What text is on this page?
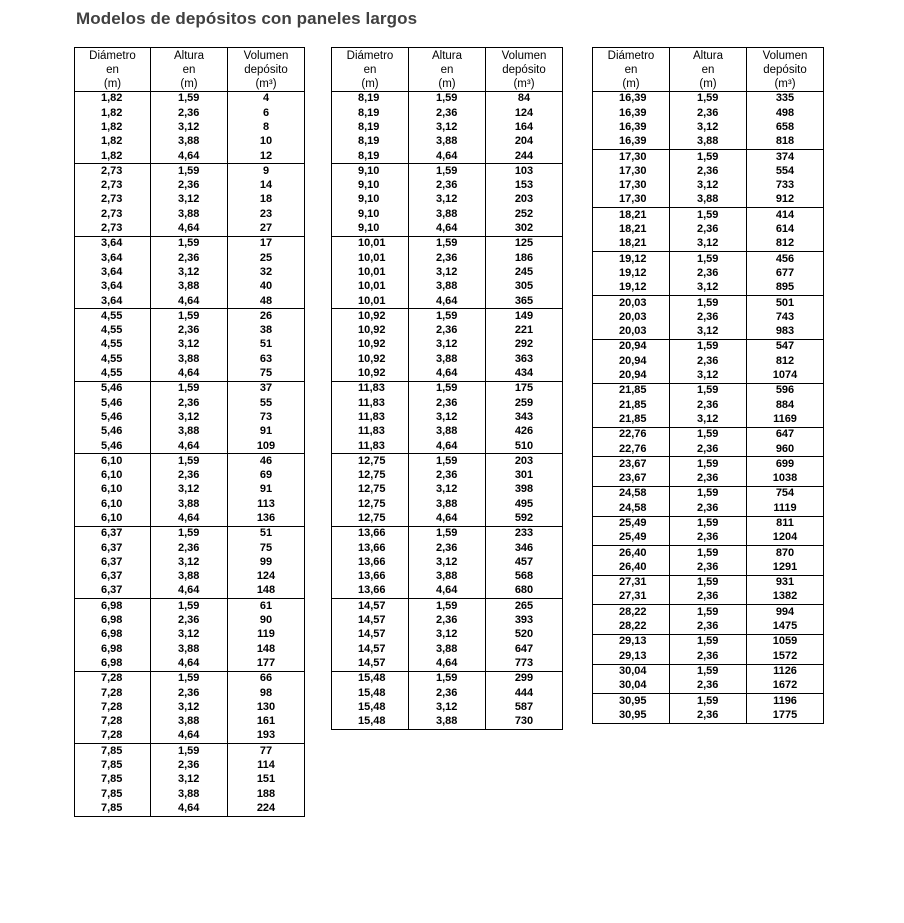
Modelos de depósitos con paneles largos
Diámetro
en
(m)	Altura
en
(m)	Volumen
depósito
(m³)
1,82	1,59	4
1,82	2,36	6
1,82	3,12	8
1,82	3,88	10
1,82	4,64	12
2,73	1,59	9
2,73	2,36	14
2,73	3,12	18
2,73	3,88	23
2,73	4,64	27
3,64	1,59	17
3,64	2,36	25
3,64	3,12	32
3,64	3,88	40
3,64	4,64	48
4,55	1,59	26
4,55	2,36	38
4,55	3,12	51
4,55	3,88	63
4,55	4,64	75
5,46	1,59	37
5,46	2,36	55
5,46	3,12	73
5,46	3,88	91
5,46	4,64	109
6,10	1,59	46
6,10	2,36	69
6,10	3,12	91
6,10	3,88	113
6,10	4,64	136
6,37	1,59	51
6,37	2,36	75
6,37	3,12	99
6,37	3,88	124
6,37	4,64	148
6,98	1,59	61
6,98	2,36	90
6,98	3,12	119
6,98	3,88	148
6,98	4,64	177
7,28	1,59	66
7,28	2,36	98
7,28	3,12	130
7,28	3,88	161
7,28	4,64	193
7,85	1,59	77
7,85	2,36	114
7,85	3,12	151
7,85	3,88	188
7,85	4,64	224
Diámetro
en
(m)	Altura
en
(m)	Volumen
depósito
(m³)
8,19	1,59	84
8,19	2,36	124
8,19	3,12	164
8,19	3,88	204
8,19	4,64	244
9,10	1,59	103
9,10	2,36	153
9,10	3,12	203
9,10	3,88	252
9,10	4,64	302
10,01	1,59	125
10,01	2,36	186
10,01	3,12	245
10,01	3,88	305
10,01	4,64	365
10,92	1,59	149
10,92	2,36	221
10,92	3,12	292
10,92	3,88	363
10,92	4,64	434
11,83	1,59	175
11,83	2,36	259
11,83	3,12	343
11,83	3,88	426
11,83	4,64	510
12,75	1,59	203
12,75	2,36	301
12,75	3,12	398
12,75	3,88	495
12,75	4,64	592
13,66	1,59	233
13,66	2,36	346
13,66	3,12	457
13,66	3,88	568
13,66	4,64	680
14,57	1,59	265
14,57	2,36	393
14,57	3,12	520
14,57	3,88	647
14,57	4,64	773
15,48	1,59	299
15,48	2,36	444
15,48	3,12	587
15,48	3,88	730
Diámetro
en
(m)	Altura
en
(m)	Volumen
depósito
(m³)
16,39	1,59	335
16,39	2,36	498
16,39	3,12	658
16,39	3,88	818
17,30	1,59	374
17,30	2,36	554
17,30	3,12	733
17,30	3,88	912
18,21	1,59	414
18,21	2,36	614
18,21	3,12	812
19,12	1,59	456
19,12	2,36	677
19,12	3,12	895
20,03	1,59	501
20,03	2,36	743
20,03	3,12	983
20,94	1,59	547
20,94	2,36	812
20,94	3,12	1074
21,85	1,59	596
21,85	2,36	884
21,85	3,12	1169
22,76	1,59	647
22,76	2,36	960
23,67	1,59	699
23,67	2,36	1038
24,58	1,59	754
24,58	2,36	1119
25,49	1,59	811
25,49	2,36	1204
26,40	1,59	870
26,40	2,36	1291
27,31	1,59	931
27,31	2,36	1382
28,22	1,59	994
28,22	2,36	1475
29,13	1,59	1059
29,13	2,36	1572
30,04	1,59	1126
30,04	2,36	1672
30,95	1,59	1196
30,95	2,36	1775
